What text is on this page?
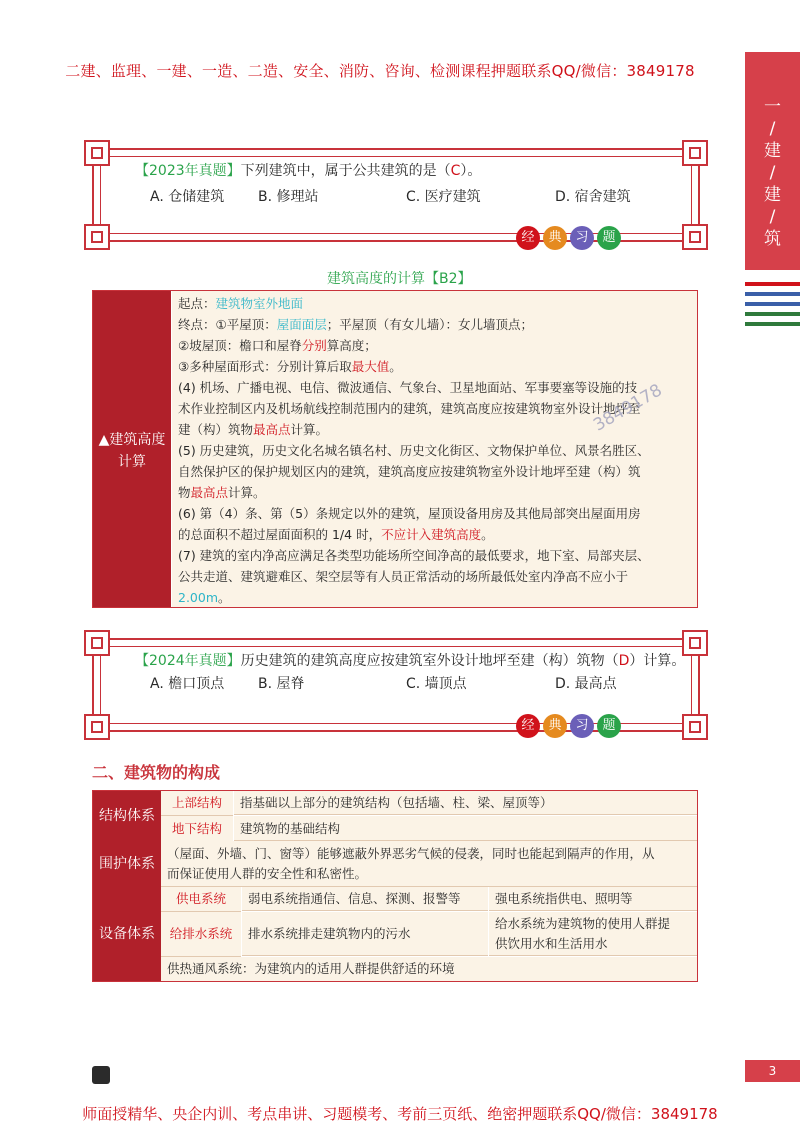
二建、监理、一建、一造、二造、安全、消防、咨询、检测课程押题联系QQ/微信：3849178
一
/
建
/
建
/
筑
【2023年真题】下列建筑中，属于公共建筑的是（C）。
A. 仓储建筑 B. 修理站	C. 医疗建筑	D. 宿舍建筑
经	典	习	题
建筑高度的计算【B2】
▲建筑高度
计算
起点：建筑物室外地面
终点：①平屋顶：屋面面层；平屋顶（有女儿墙）：女儿墙顶点；
②坡屋顶：檐口和屋脊分别算高度；
③多种屋面形式：分别计算后取最大值。
(4) 机场、广播电视、电信、微波通信、气象台、卫星地面站、军事要塞等设施的技
术作业控制区内及机场航线控制范围内的建筑，建筑高度应按建筑物室外设计地坪至
建（构）筑物最高点计算。
(5) 历史建筑，历史文化名城名镇名村、历史文化街区、文物保护单位、风景名胜区、
自然保护区的保护规划区内的建筑，建筑高度应按建筑物室外设计地坪至建（构）筑
物最高点计算。
(6) 第（4）条、第（5）条规定以外的建筑，屋顶设备用房及其他局部突出屋面用房
的总面积不超过屋面面积的 1/4 时，不应计入建筑高度。
(7) 建筑的室内净高应满足各类型功能场所空间净高的最低要求，地下室、局部夹层、
公共走道、建筑避难区、架空层等有人员正常活动的场所最低处室内净高不应小于
2.00m。
【2024年真题】历史建筑的建筑高度应按建筑室外设计地坪至建（构）筑物（D）计算。
A. 檐口顶点 B. 屋脊	C. 墙顶点	D. 最高点
经	典	习	题
二、建筑物的构成
结构体系
上部结构	指基础以上部分的建筑结构（包括墙、柱、梁、屋顶等）
地下结构	建筑物的基础结构
围护体系
（屋面、外墙、门、窗等）能够遮蔽外界恶劣气候的侵袭，同时也能起到隔声的作用，从
而保证使用人群的安全性和私密性。
设备体系
供电系统	弱电系统指通信、信息、探测、报警等	强电系统指供电、照明等
给排水系统	排水系统排走建筑物内的污水
给水系统为建筑物的使用人群提
供饮用水和生活用水
供热通风系统：为建筑内的适用人群提供舒适的环境
3849178
3
师面授精华、央企内训、考点串讲、习题模考、考前三页纸、绝密押题联系QQ/微信：3849178
